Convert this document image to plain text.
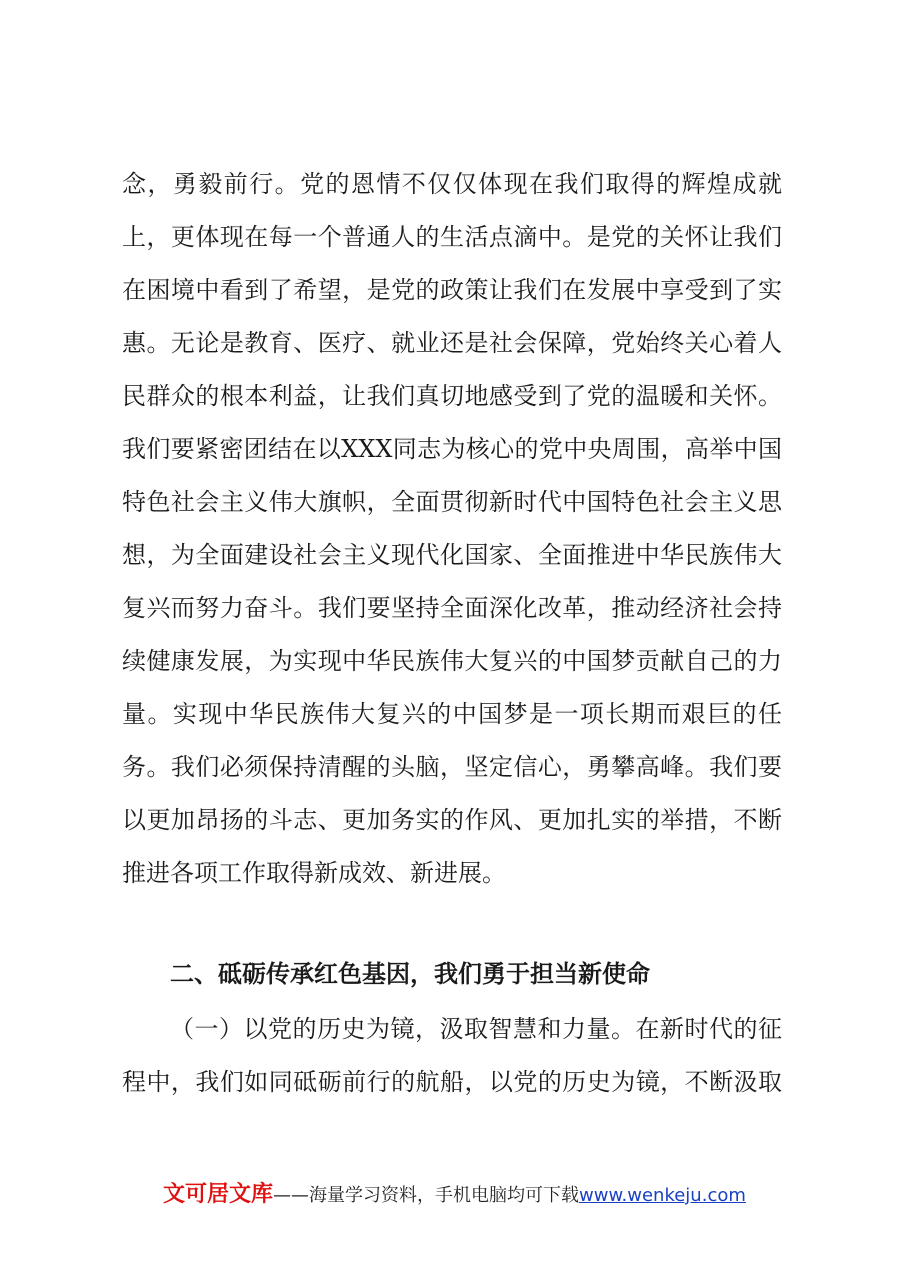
念，勇毅前行。党的恩情不仅仅体现在我们取得的辉煌成就
上，更体现在每一个普通人的生活点滴中。是党的关怀让我们
在困境中看到了希望，是党的政策让我们在发展中享受到了实
惠。无论是教育、医疗、就业还是社会保障，党始终关心着人
民群众的根本利益，让我们真切地感受到了党的温暖和关怀。
我们要紧密团结在以XXX同志为核心的党中央周围，高举中国
特色社会主义伟大旗帜，全面贯彻新时代中国特色社会主义思
想，为全面建设社会主义现代化国家、全面推进中华民族伟大
复兴而努力奋斗。我们要坚持全面深化改革，推动经济社会持
续健康发展，为实现中华民族伟大复兴的中国梦贡献自己的力
量。实现中华民族伟大复兴的中国梦是一项长期而艰巨的任
务。我们必须保持清醒的头脑，坚定信心，勇攀高峰。我们要
以更加昂扬的斗志、更加务实的作风、更加扎实的举措，不断
推进各项工作取得新成效、新进展。
二、砥砺传承红色基因，我们勇于担当新使命
（一）以党的历史为镜，汲取智慧和力量。在新时代的征
程中，我们如同砥砺前行的航船，以党的历史为镜，不断汲取
文可居文库——海量学习资料，手机电脑均可下载www.wenkeju.com
